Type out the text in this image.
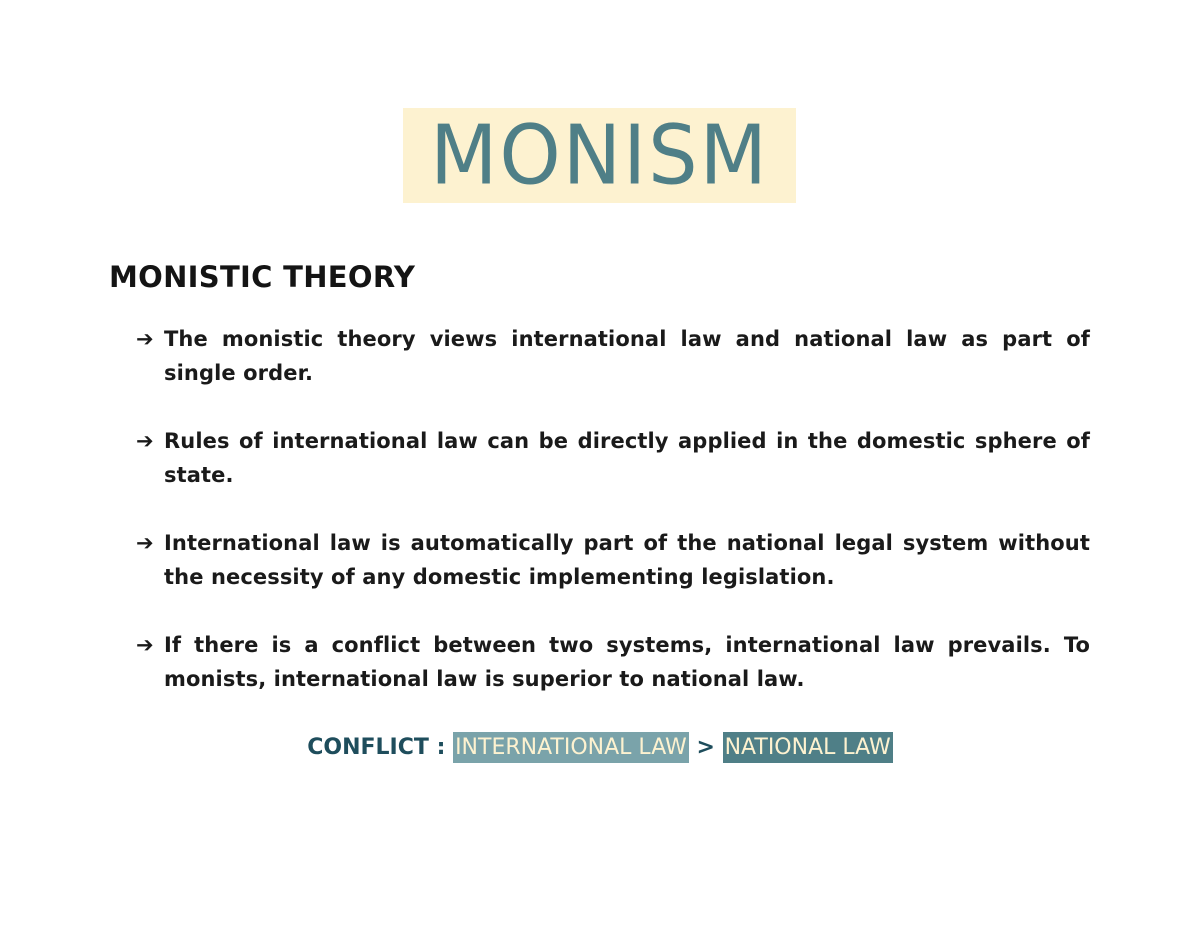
MONISM
MONISTIC THEORY
➔ The monistic theory views international law and national law as part of single order.
➔ Rules of international law can be directly applied in the domestic sphere of state.
➔ International law is automatically part of the national legal system without the necessity of any domestic implementing legislation.
➔ If there is a conflict between two systems, international law prevails. To monists, international law is superior to national law.
CONFLICT : INTERNATIONAL LAW > NATIONAL LAW
